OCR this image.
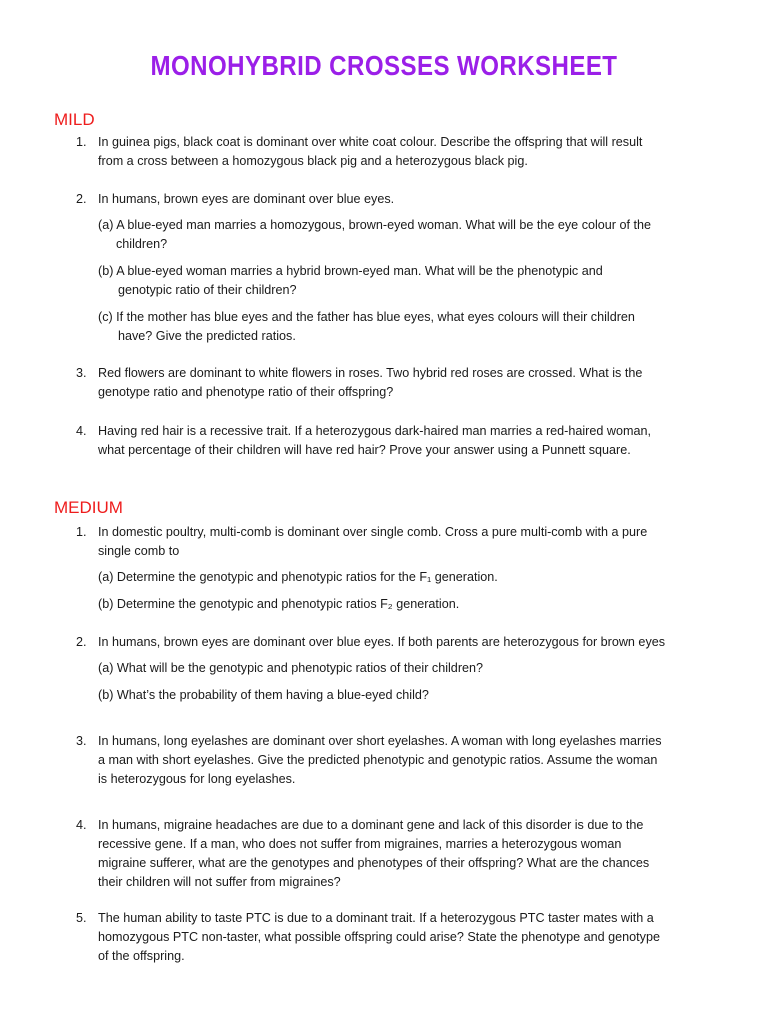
MONOHYBRID CROSSES WORKSHEET
MILD
1. In guinea pigs, black coat is dominant over white coat colour. Describe the offspring that will result
from a cross between a homozygous black pig and a heterozygous black pig.
2. In humans, brown eyes are dominant over blue eyes.
(a) A blue-eyed man marries a homozygous, brown-eyed woman. What will be the eye colour of the
children?
(b) A blue-eyed woman marries a hybrid brown-eyed man. What will be the phenotypic and
genotypic ratio of their children?
(c) If the mother has blue eyes and the father has blue eyes, what eyes colours will their children
have? Give the predicted ratios.
3. Red flowers are dominant to white flowers in roses. Two hybrid red roses are crossed. What is the
genotype ratio and phenotype ratio of their offspring?
4. Having red hair is a recessive trait. If a heterozygous dark-haired man marries a red-haired woman,
what percentage of their children will have red hair? Prove your answer using a Punnett square.
MEDIUM
1. In domestic poultry, multi-comb is dominant over single comb. Cross a pure multi-comb with a pure
single comb to
(a) Determine the genotypic and phenotypic ratios for the F₁ generation.
(b) Determine the genotypic and phenotypic ratios F₂ generation.
2. In humans, brown eyes are dominant over blue eyes. If both parents are heterozygous for brown eyes
(a) What will be the genotypic and phenotypic ratios of their children?
(b) What’s the probability of them having a blue-eyed child?
3. In humans, long eyelashes are dominant over short eyelashes. A woman with long eyelashes marries
a man with short eyelashes. Give the predicted phenotypic and genotypic ratios. Assume the woman
is heterozygous for long eyelashes.
4. In humans, migraine headaches are due to a dominant gene and lack of this disorder is due to the
recessive gene. If a man, who does not suffer from migraines, marries a heterozygous woman
migraine sufferer, what are the genotypes and phenotypes of their offspring? What are the chances
their children will not suffer from migraines?
5. The human ability to taste PTC is due to a dominant trait. If a heterozygous PTC taster mates with a
homozygous PTC non-taster, what possible offspring could arise? State the phenotype and genotype
of the offspring.
